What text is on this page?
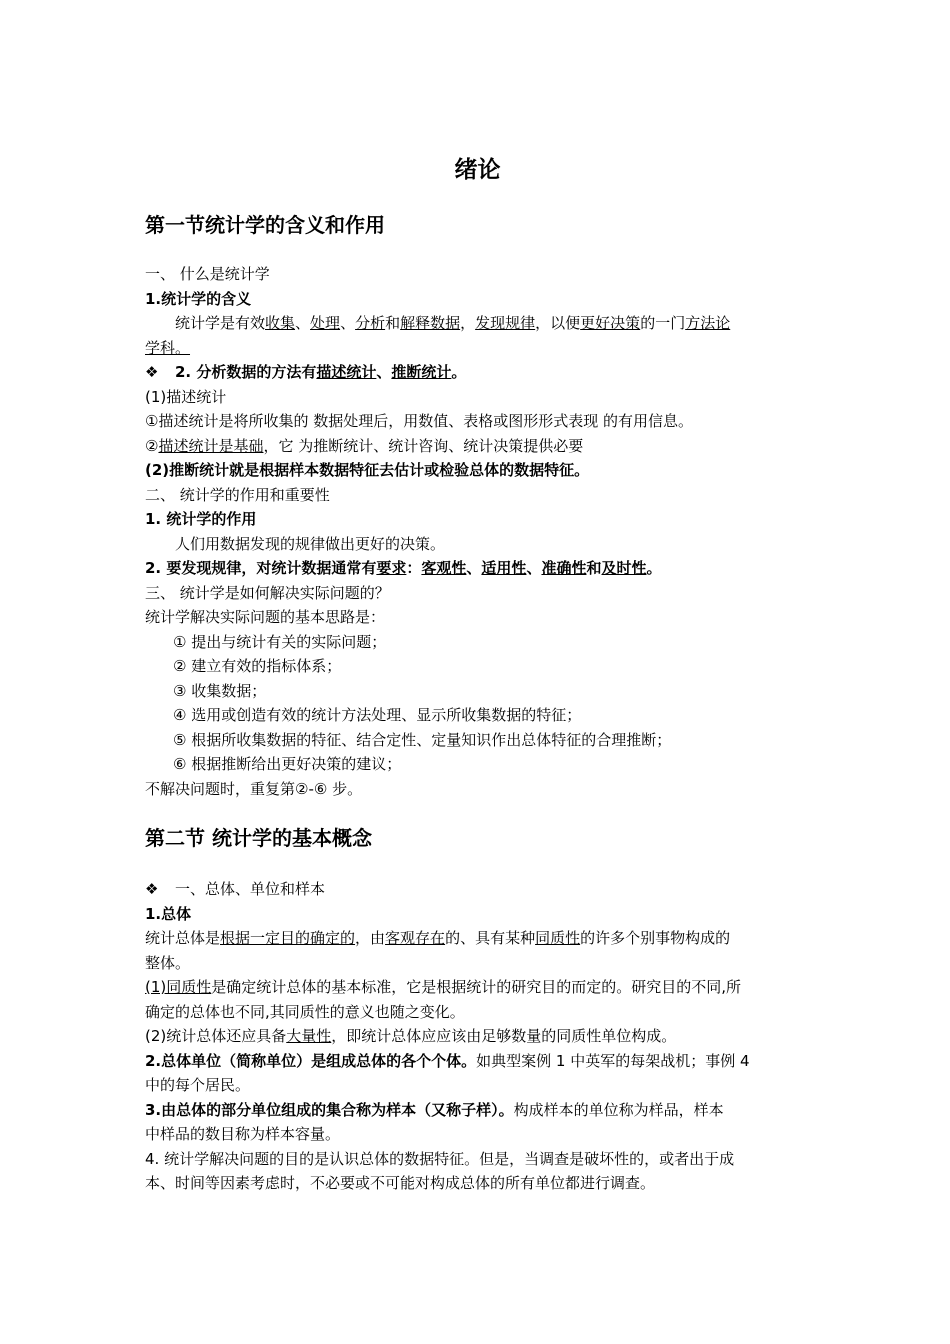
绪论
第一节统计学的含义和作用
一、 什么是统计学
1.统计学的含义
统计学是有效收集、处理、分析和解释数据，发现规律，以便更好决策的一门方法论
学科。
❖ 2. 分析数据的方法有描述统计、推断统计。
(1)描述统计
①描述统计是将所收集的 数据处理后，用数值、表格或图形形式表现 的有用信息。
②描述统计是基础，它 为推断统计、统计咨询、统计决策提供必要
(2)推断统计就是根据样本数据特征去估计或检验总体的数据特征。
二、 统计学的作用和重要性
1. 统计学的作用
人们用数据发现的规律做出更好的决策。
2. 要发现规律，对统计数据通常有要求：客观性、适用性、准确性和及时性。
三、 统计学是如何解决实际问题的？
统计学解决实际问题的基本思路是：
① 提出与统计有关的实际问题；
② 建立有效的指标体系；
③ 收集数据；
④ 选用或创造有效的统计方法处理、显示所收集数据的特征；
⑤ 根据所收集数据的特征、结合定性、定量知识作出总体特征的合理推断；
⑥ 根据推断给出更好决策的建议；
不解决问题时，重复第②-⑥ 步。
第二节 统计学的基本概念
❖ 一、总体、单位和样本
1.总体
统计总体是根据一定目的确定的，由客观存在的、具有某种同质性的许多个别事物构成的
整体。
(1)同质性是确定统计总体的基本标准，它是根据统计的研究目的而定的。研究目的不同,所
确定的总体也不同,其同质性的意义也随之变化。
(2)统计总体还应具备大量性，即统计总体应应该由足够数量的同质性单位构成。
2.总体单位（简称单位）是组成总体的各个个体。如典型案例 1 中英军的每架战机；事例 4
中的每个居民。
3.由总体的部分单位组成的集合称为样本（又称子样）。构成样本的单位称为样品，样本
中样品的数目称为样本容量。
4. 统计学解决问题的目的是认识总体的数据特征。但是，当调查是破坏性的，或者出于成
本、时间等因素考虑时，不必要或不可能对构成总体的所有单位都进行调查。
